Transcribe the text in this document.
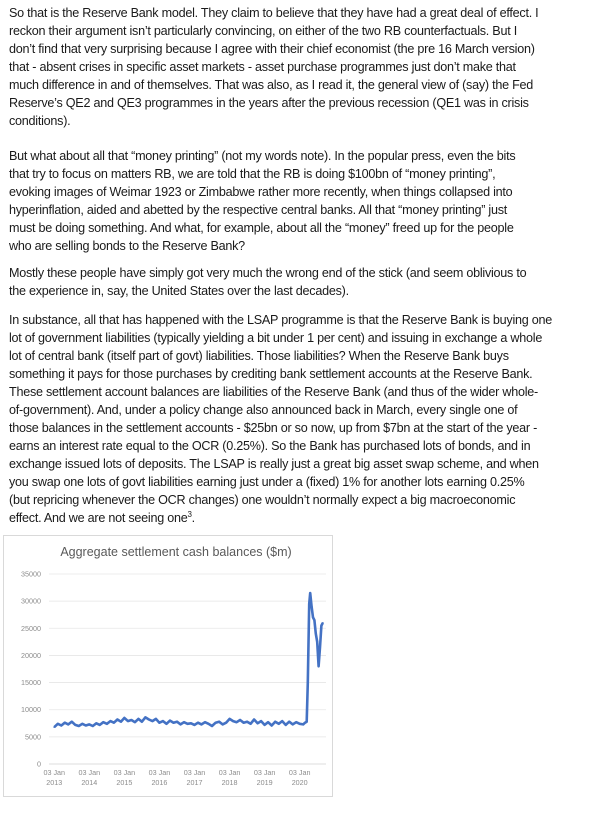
So that is the Reserve Bank model. They claim to believe that they have had a great deal of effect. I
reckon their argument isn’t particularly convincing, on either of the two RB counterfactuals. But I
don’t find that very surprising because I agree with their chief economist (the pre 16 March version)
that - absent crises in specific asset markets - asset purchase programmes just don’t make that
much difference in and of themselves. That was also, as I read it, the general view of (say) the Fed
Reserve’s QE2 and QE3 programmes in the years after the previous recession (QE1 was in crisis
conditions).

But what about all that “money printing” (not my words note). In the popular press, even the bits
that try to focus on matters RB, we are told that the RB is doing $100bn of “money printing”,
evoking images of Weimar 1923 or Zimbabwe rather more recently, when things collapsed into
hyperinflation, aided and abetted by the respective central banks. All that “money printing” just
must be doing something. And what, for example, about all the “money” freed up for the people
who are selling bonds to the Reserve Bank?

Mostly these people have simply got very much the wrong end of the stick (and seem oblivious to
the experience in, say, the United States over the last decades).

In substance, all that has happened with the LSAP programme is that the Reserve Bank is buying one
lot of government liabilities (typically yielding a bit under 1 per cent) and issuing in exchange a whole
lot of central bank (itself part of govt) liabilities. Those liabilities? When the Reserve Bank buys
something it pays for those purchases by crediting bank settlement accounts at the Reserve Bank.
These settlement account balances are liabilities of the Reserve Bank (and thus of the wider whole-
of-government). And, under a policy change also announced back in March, every single one of
those balances in the settlement accounts - $25bn or so now, up from $7bn at the start of the year -
earns an interest rate equal to the OCR (0.25%). So the Bank has purchased lots of bonds, and in
exchange issued lots of deposits. The LSAP is really just a great big asset swap scheme, and when
you swap one lots of govt liabilities earning just under a (fixed) 1% for another lots earning 0.25%
(but repricing whenever the OCR changes) one wouldn’t normally expect a big macroeconomic
effect. And we are not seeing one$^3$.

Aggregate settlement cash balances ($m)
0
5000
10000
15000
20000
25000
30000
35000
03 Jan
2013
03 Jan
2014
03 Jan
2015
03 Jan
2016
03 Jan
2017
03 Jan
2018
03 Jan
2019
03 Jan
2020
